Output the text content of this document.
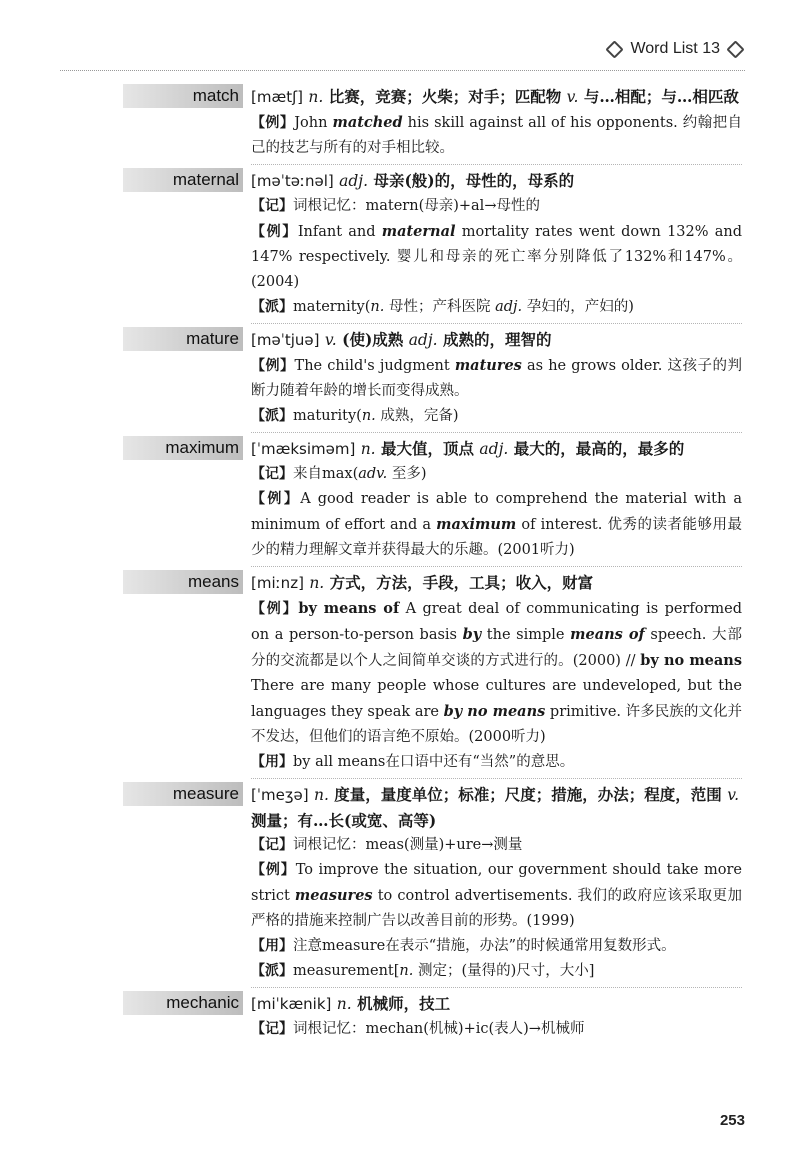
Word List 13
match [mætʃ] n. 比赛，竞赛；火柴；对手；匹配物 v. 与…相配；与…相匹敌
【例】John matched his skill against all of his opponents. 约翰把自己的技艺与所有的对手相比较。
maternal [məˈtəːnəl] adj. 母亲(般)的，母性的，母系的
【记】词根记忆：matern(母亲)+al→母性的
【例】Infant and maternal mortality rates went down 132% and 147% respectively. 婴儿和母亲的死亡率分别降低了132%和147%。(2004)
【派】maternity(n. 母性；产科医院 adj. 孕妇的，产妇的)
mature [məˈtjuə] v. (使)成熟 adj. 成熟的，理智的
【例】The child's judgment matures as he grows older. 这孩子的判断力随着年龄的增长而变得成熟。
【派】maturity(n. 成熟，完备)
maximum [ˈmæksiməm] n. 最大值，顶点 adj. 最大的，最高的，最多的
【记】来自max(adv. 至多)
【例】A good reader is able to comprehend the material with a minimum of effort and a maximum of interest. 优秀的读者能够用最少的精力理解文章并获得最大的乐趣。(2001听力)
means [miːnz] n. 方式，方法，手段，工具；收入，财富
【例】by means of A great deal of communicating is performed on a person-to-person basis by the simple means of speech. 大部分的交流都是以个人之间简单交谈的方式进行的。(2000) // by no means There are many people whose cultures are undeveloped, but the languages they speak are by no means primitive. 许多民族的文化并不发达，但他们的语言绝不原始。(2000听力)
【用】by all means在口语中还有“当然”的意思。
measure [ˈmeʒə] n. 度量，量度单位；标准；尺度；措施，办法；程度，范围 v. 测量；有…长(或宽、高等)
【记】词根记忆：meas(测量)+ure→测量
【例】To improve the situation, our government should take more strict measures to control advertisements. 我们的政府应该采取更加严格的措施来控制广告以改善目前的形势。(1999)
【用】注意measure在表示“措施，办法”的时候通常用复数形式。
【派】measurement[n. 测定；(量得的)尺寸，大小]
mechanic [miˈkænik] n. 机械师，技工
【记】词根记忆：mechan(机械)+ic(表人)→机械师
253
